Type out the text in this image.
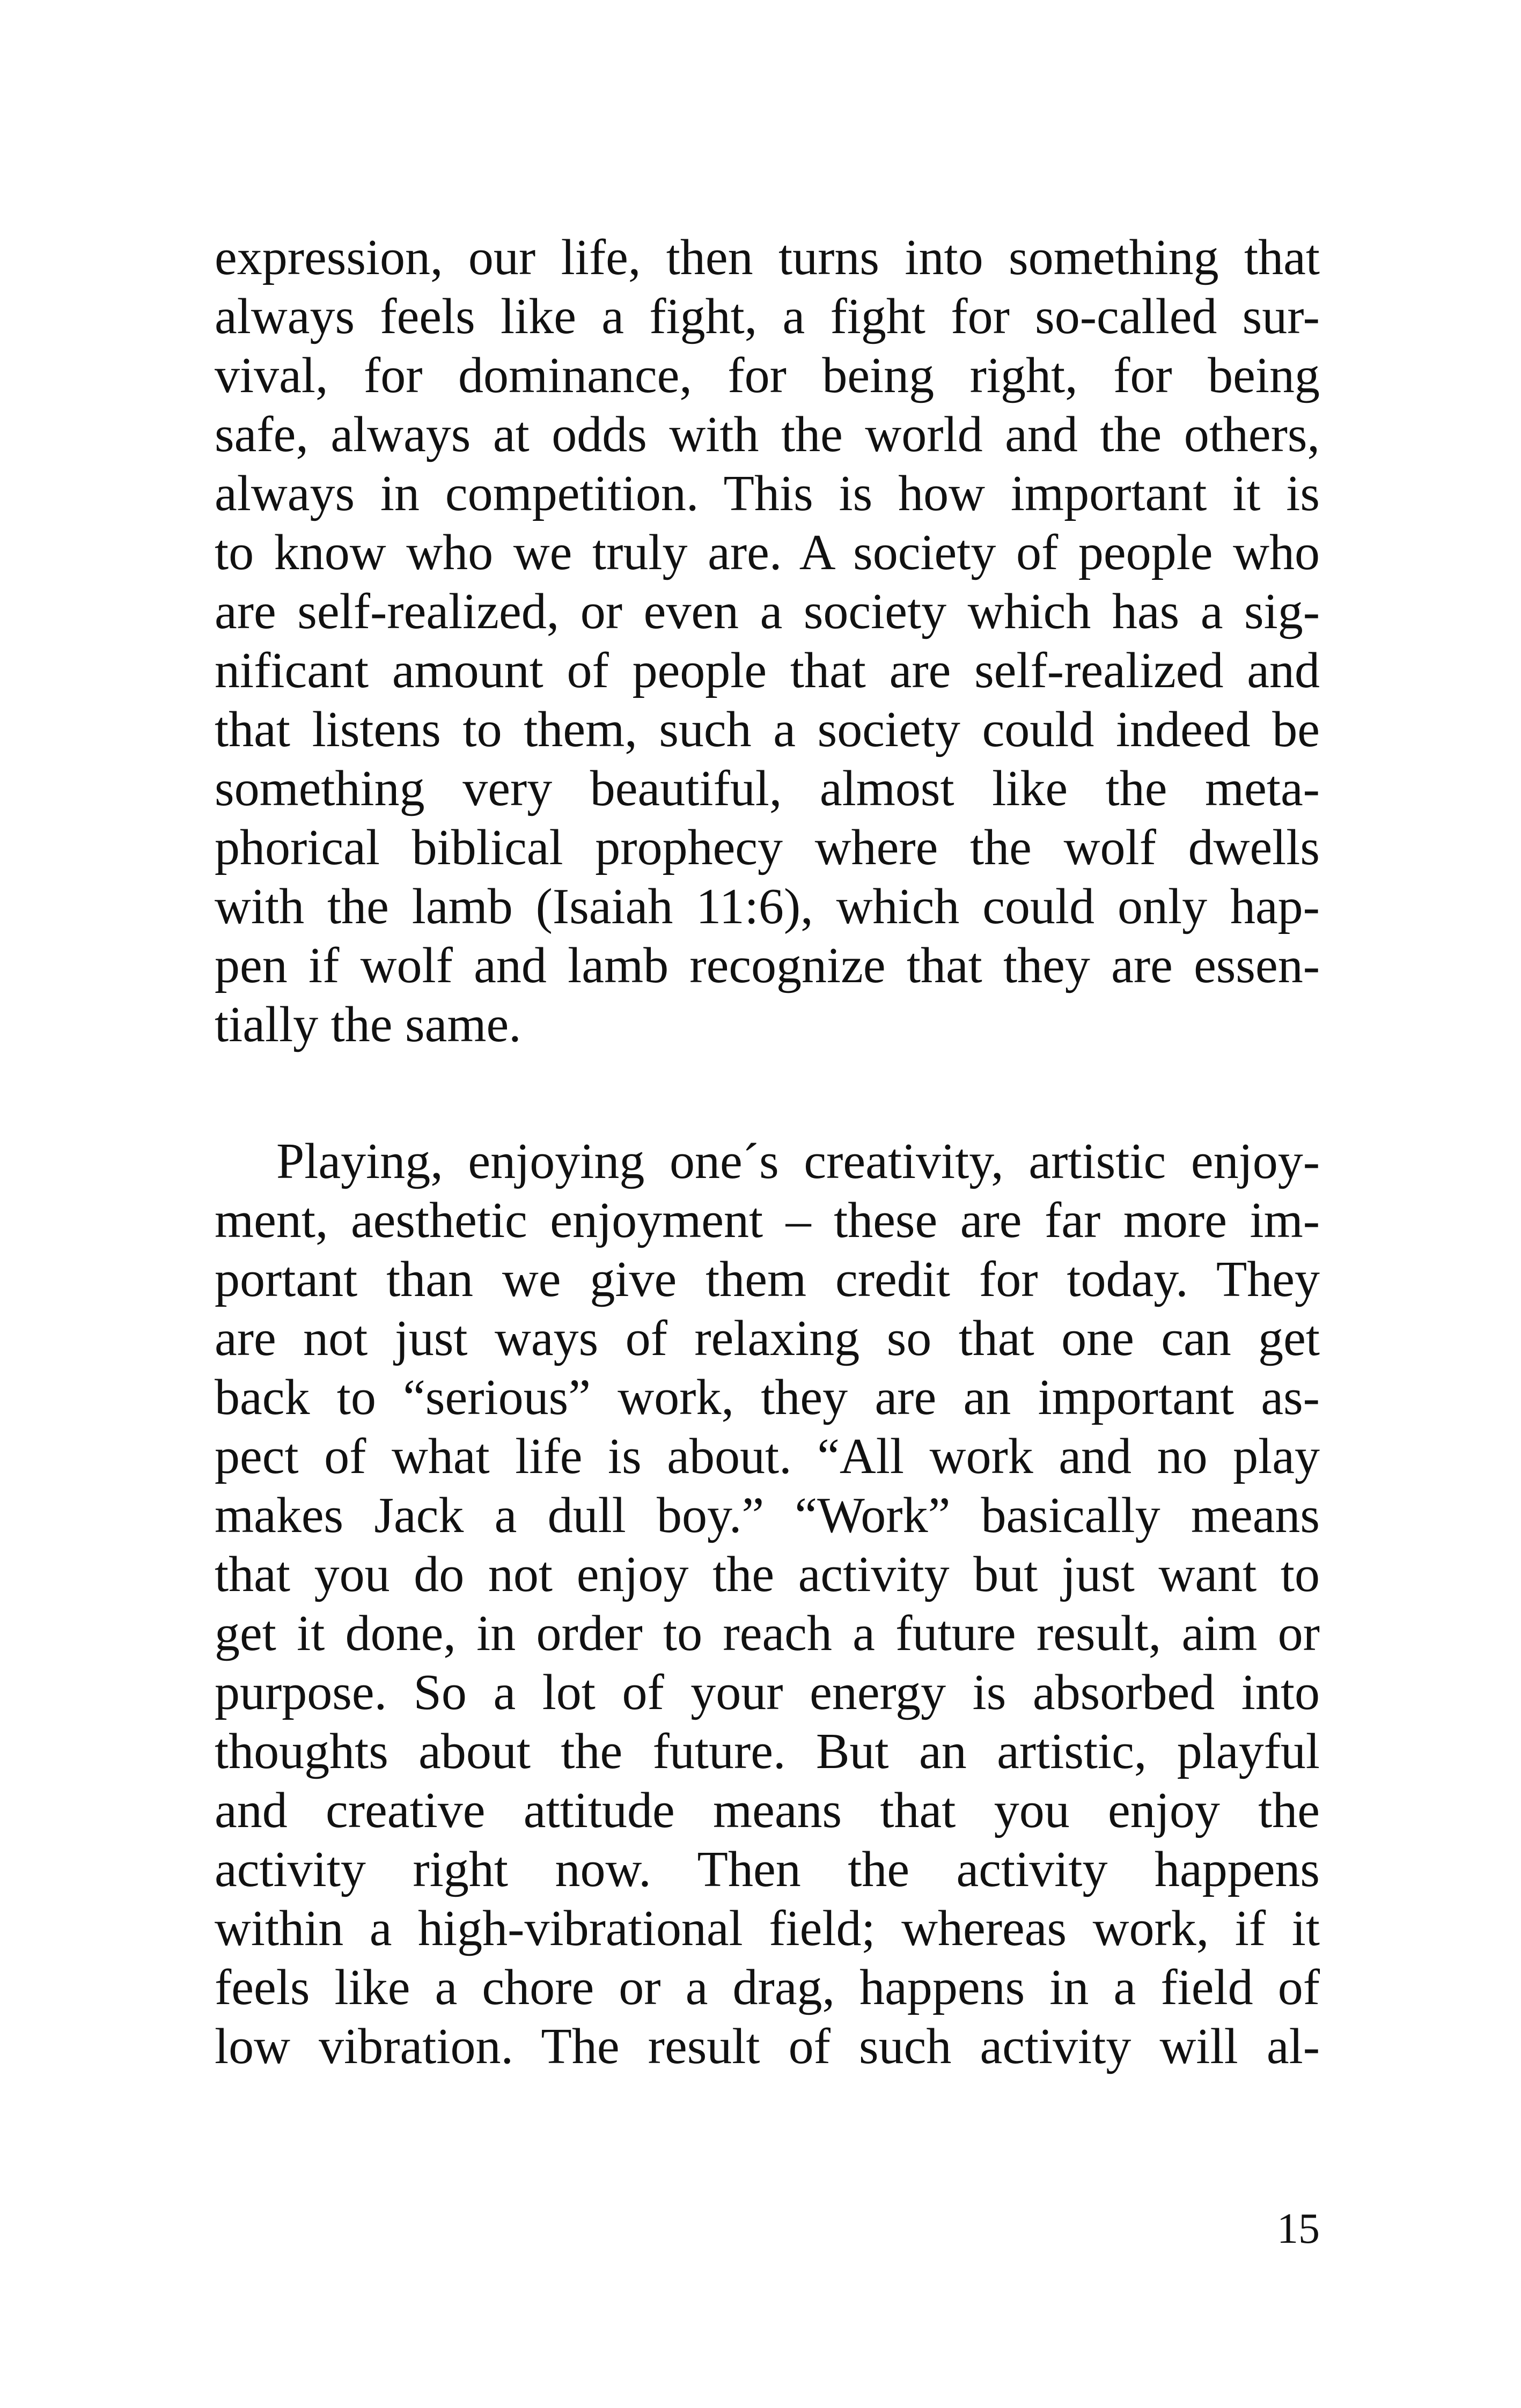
expression, our life, then turns into something that
always feels like a fight, a fight for so-called sur-
vival, for dominance, for being right, for being
safe, always at odds with the world and the others,
always in competition. This is how important it is
to know who we truly are. A society of people who
are self-realized, or even a society which has a sig-
nificant amount of people that are self-realized and
that listens to them, such a society could indeed be
something very beautiful, almost like the meta-
phorical biblical prophecy where the wolf dwells
with the lamb (Isaiah 11:6), which could only hap-
pen if wolf and lamb recognize that they are essen-
tially the same.
Playing, enjoying one´s creativity, artistic enjoy-
ment, aesthetic enjoyment – these are far more im-
portant than we give them credit for today. They
are not just ways of relaxing so that one can get
back to “serious” work, they are an important as-
pect of what life is about. “All work and no play
makes Jack a dull boy.” “Work” basically means
that you do not enjoy the activity but just want to
get it done, in order to reach a future result, aim or
purpose. So a lot of your energy is absorbed into
thoughts about the future. But an artistic, playful
and creative attitude means that you enjoy the
activity right now. Then the activity happens
within a high-vibrational field; whereas work, if it
feels like a chore or a drag, happens in a field of
low vibration. The result of such activity will al-
15
